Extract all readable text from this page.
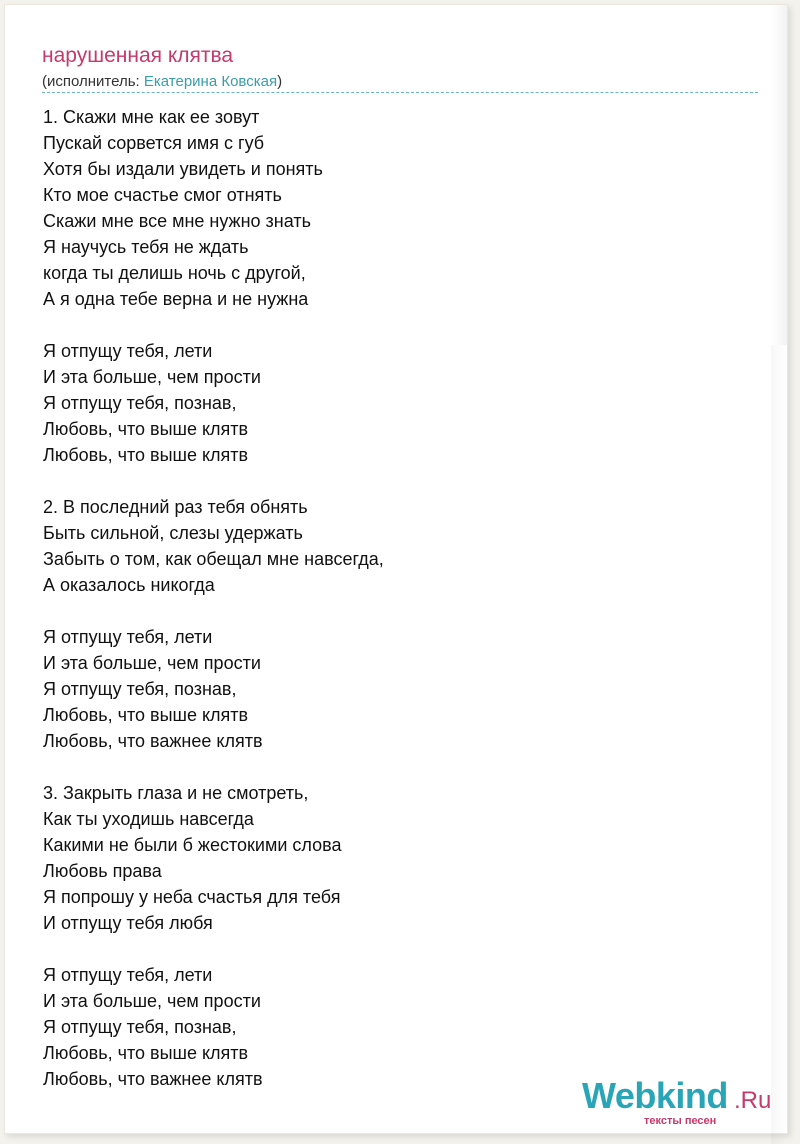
нарушенная клятва
(исполнитель: Екатерина Ковская)
1. Скажи мне как ее зовут
Пускай сорвется имя с губ
Хотя бы издали увидеть и понять
Кто мое счастье смог отнять
Скажи мне все мне нужно знать
Я научусь тебя не ждать
когда ты делишь ночь с другой,
А я одна тебе верна и не нужна
Я отпущу тебя, лети
И эта больше, чем прости
Я отпущу тебя, познав,
Любовь, что выше клятв
Любовь, что выше клятв
2. В последний раз тебя обнять
Быть сильной, слезы удержать
Забыть о том, как обещал мне навсегда,
А оказалось никогда
Я отпущу тебя, лети
И эта больше, чем прости
Я отпущу тебя, познав,
Любовь, что выше клятв
Любовь, что важнее клятв
3. Закрыть глаза и не смотреть,
Как ты уходишь навсегда
Какими не были б жестокими слова
Любовь права
Я попрошу у неба счастья для тебя
И отпущу тебя любя
Я отпущу тебя, лети
И эта больше, чем прости
Я отпущу тебя, познав,
Любовь, что выше клятв
Любовь, что важнее клятв	Webkind .Ru
тексты песен
